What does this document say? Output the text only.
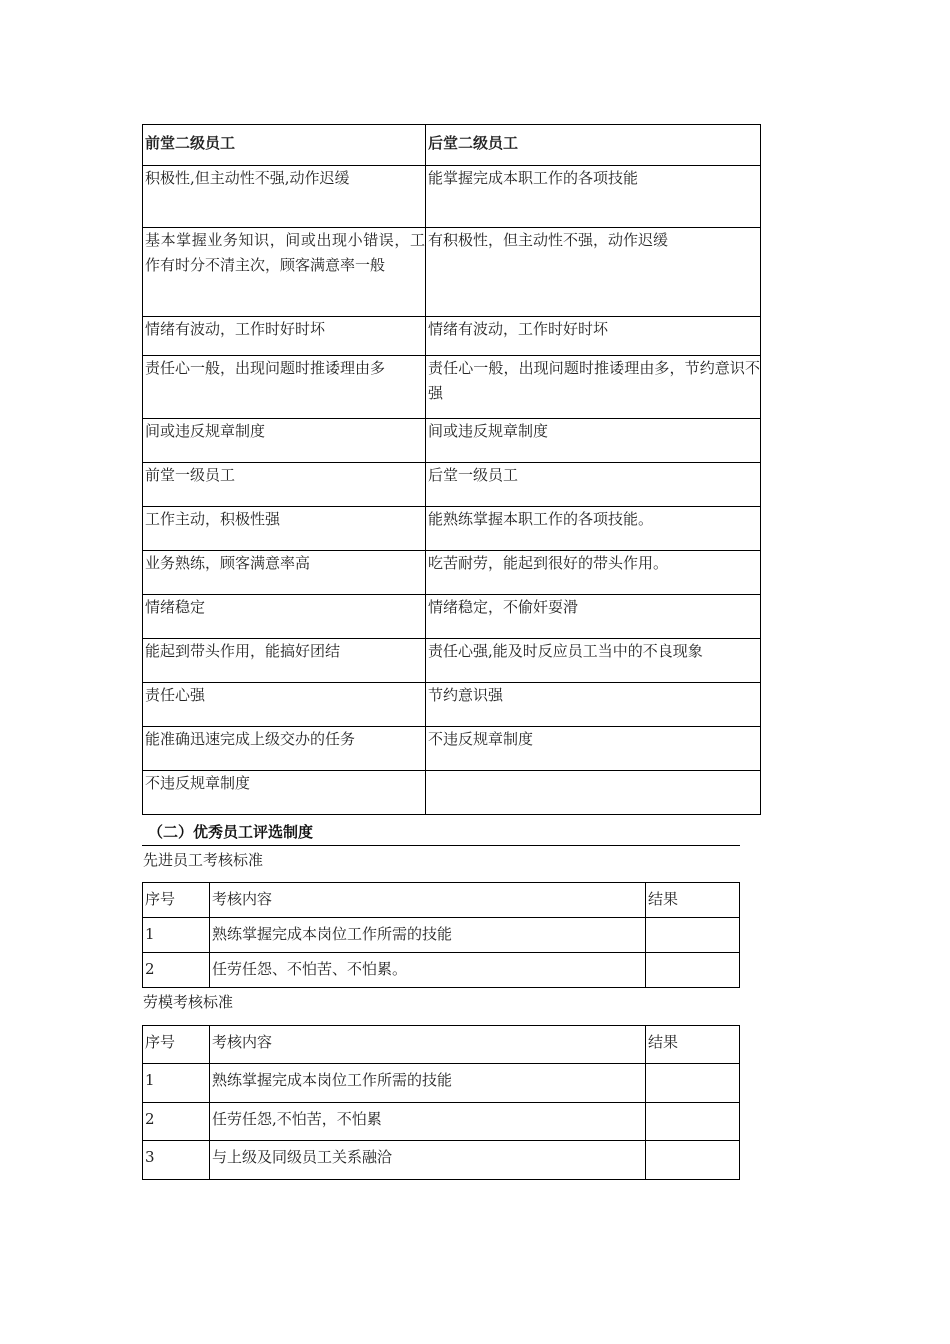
前堂二级员工	后堂二级员工
积极性,但主动性不强,动作迟缓	能掌握完成本职工作的各项技能
基本掌握业务知识，间或出现小错误，工作有时分不清主次，顾客满意率一般	有积极性，但主动性不强，动作迟缓
情绪有波动，工作时好时坏	情绪有波动，工作时好时坏
责任心一般，出现问题时推诿理由多	责任心一般，出现问题时推诿理由多，节约意识不强
间或违反规章制度	间或违反规章制度
前堂一级员工	后堂一级员工
工作主动，积极性强	能熟练掌握本职工作的各项技能。
业务熟练，顾客满意率高	吃苦耐劳，能起到很好的带头作用。
情绪稳定	情绪稳定，不偷奸耍滑
能起到带头作用，能搞好团结	责任心强,能及时反应员工当中的不良现象
责任心强	节约意识强
能准确迅速完成上级交办的任务	不违反规章制度
不违反规章制度	
（二）优秀员工评选制度
先进员工考核标准
序号	考核内容	结果
1	熟练掌握完成本岗位工作所需的技能	
2	任劳任怨、不怕苦、不怕累。	
劳模考核标准
序号	考核内容	结果
1	熟练掌握完成本岗位工作所需的技能	
2	任劳任怨,不怕苦，不怕累	
3	与上级及同级员工关系融洽	
